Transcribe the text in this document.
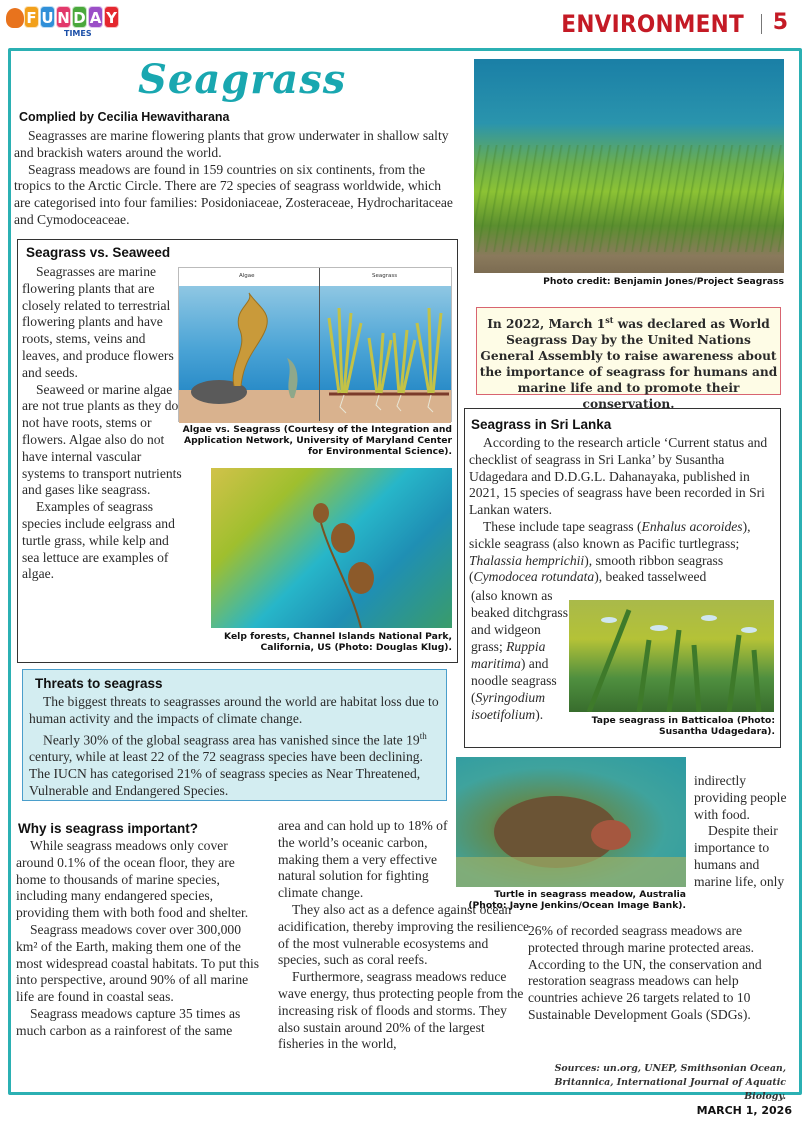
F U N D A Y
TIMES	ENVIRONMENT 5
Seagrass
Complied by Cecilia Hewavitharana

Seagrasses are marine flowering plants that grow underwater in shallow salty and brackish waters around the world.

Seagrass meadows are found in 159 countries on six continents, from the tropics to the Arctic Circle. There are 72 species of seagrass worldwide, which are categorised into four families: Posidoniaceae, Zosteraceae, Hydrocharitaceae and Cymodoceaceae.

Photo credit: Benjamin Jones/Project Seagrass
In 2022, March 1st was declared as World Seagrass Day by the United Nations General Assembly to raise awareness about the importance of seagrass for humans and marine life and to promote their conservation.
Seagrass vs. Seaweed

Seagrasses are marine flowering plants that are closely related to terrestrial flowering plants and have roots, stems, veins and leaves, and produce flowers and seeds.

Seaweed or marine algae are not true plants as they do not have roots, stems or flowers. Algae also do not have internal vascular systems to transport nutrients and gases like seagrass.

Examples of seagrass species include eelgrass and turtle grass, while kelp and sea lettuce are examples of algae.

Algae	Seagrass
Algae vs. Seagrass (Courtesy of the Integration and Application Network, University of Maryland Center for Environmental Science).
Kelp forests, Channel Islands National Park, California, US (Photo: Douglas Klug).
Threats to seagrass

The biggest threats to seagrasses around the world are habitat loss due to human activity and the impacts of climate change.

Nearly 30% of the global seagrass area has vanished since the late 19th century, while at least 22 of the 72 seagrass species have been declining. The IUCN has categorised 21% of seagrass species as Near Threatened, Vulnerable and Endangered Species.

Seagrass in Sri Lanka

According to the research article ‘Current status and checklist of seagrass in Sri Lanka’ by Susantha Udagedara and D.D.G.L. Dahanayaka, published in 2021, 15 species of seagrass have been recorded in Sri Lankan waters.

These include tape seagrass (Enhalus acoroides), sickle seagrass (also known as Pacific turtlegrass; Thalassia hemprichii), smooth ribbon seagrass (Cymodocea rotundata), beaked tasselweed

(also known as beaked ditchgrass and widgeon grass; Ruppia maritima) and noodle seagrass (Syringodium isoetifolium).	Tape seagrass in Batticaloa (Photo: Susantha Udagedara).
Why is seagrass important?

While seagrass meadows only cover around 0.1% of the ocean floor, they are home to thousands of marine species, including many endangered species, providing them with both food and shelter.

Seagrass meadows cover over 300,000 km² of the Earth, making them one of the most widespread coastal habitats. To put this into perspective, around 90% of all marine life are found in coastal seas.

Seagrass meadows capture 35 times as much carbon as a rainforest of the same

area and can hold up to 18% of the world’s oceanic carbon, making them a very effective natural solution for fighting climate change.

They also act as a defence against ocean acidification, thereby improving the resilience of the most vulnerable ecosystems and species, such as coral reefs.

Furthermore, seagrass meadows reduce wave energy, thus protecting people from the increasing risk of floods and storms. They also sustain around 20% of the largest fisheries in the world,

Turtle in seagrass meadow, Australia (Photo: Jayne Jenkins/Ocean Image Bank).
indirectly providing people with food.

Despite their importance to humans and marine life, only

26% of recorded seagrass meadows are protected through marine protected areas. According to the UN, the conservation and restoration seagrass meadows can help countries achieve 26 targets related to 10 Sustainable Development Goals (SDGs).
Sources: un.org, UNEP, Smithsonian Ocean, Britannica, International Journal of Aquatic Biology.
MARCH 1, 2026
